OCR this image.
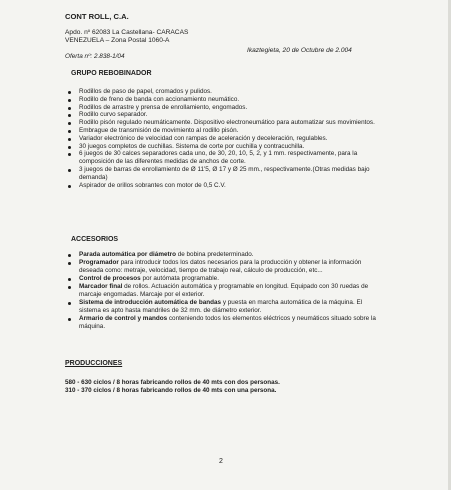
CONT ROLL, C.A.
Apdo. nº 62083 La Castellana- CARACAS
VENEZUELA – Zona Postal 1060-A
Oferta nº: 2.838-1/04
Ikaztegieta, 20 de Octubre de 2.004
GRUPO REBOBINADOR
Rodillos de paso de papel, cromados y pulidos.
Rodillo de freno de banda con accionamiento neumático.
Rodillos de arrastre y prensa de enrollamiento, engomados.
Rodillo curvo separador.
Rodillo pisón regulado neumáticamente. Dispositivo electroneumático para automatizar sus movimientos.
Embrague de transmisión de movimiento al rodillo pisón.
Variador electrónico de velocidad con rampas de aceleración y deceleración, regulables.
30 juegos completos de cuchillas. Sistema de corte por cuchilla y contracuchilla.
6 juegos de 30 calces separadores cada uno, de 30, 20, 10, 5, 2, y 1 mm. respectivamente, para la composición de las diferentes medidas de anchos de corte.
3 juegos de barras de enrollamiento de Ø 11'5, Ø 17 y Ø 25 mm., respectivamente.(Otras medidas bajo demanda)
Aspirador de orillos sobrantes con motor de 0,5 C.V.
ACCESORIOS
Parada automática por diámetro de bobina predeterminado.
Programador para introducir todos los datos necesarios para la producción y obtener la información deseada como: metraje, velocidad, tiempo de trabajo real, cálculo de producción, etc...
Control de procesos por autómata programable.
Marcador final de rollos. Actuación automática y programable en longitud. Equipado con 30 ruedas de marcaje engomadas. Marcaje por el exterior.
Sistema de introducción automática de bandas y puesta en marcha automática de la máquina. El sistema es apto hasta mandriles de 32 mm. de diámetro exterior.
Armario de control y mandos conteniendo todos los elementos eléctricos y neumáticos situado sobre la máquina.
PRODUCCIONES
580 - 630 ciclos / 8 horas fabricando rollos de 40 mts con dos personas.
310 - 370 ciclos / 8 horas fabricando rollos de 40 mts con una persona.
2
